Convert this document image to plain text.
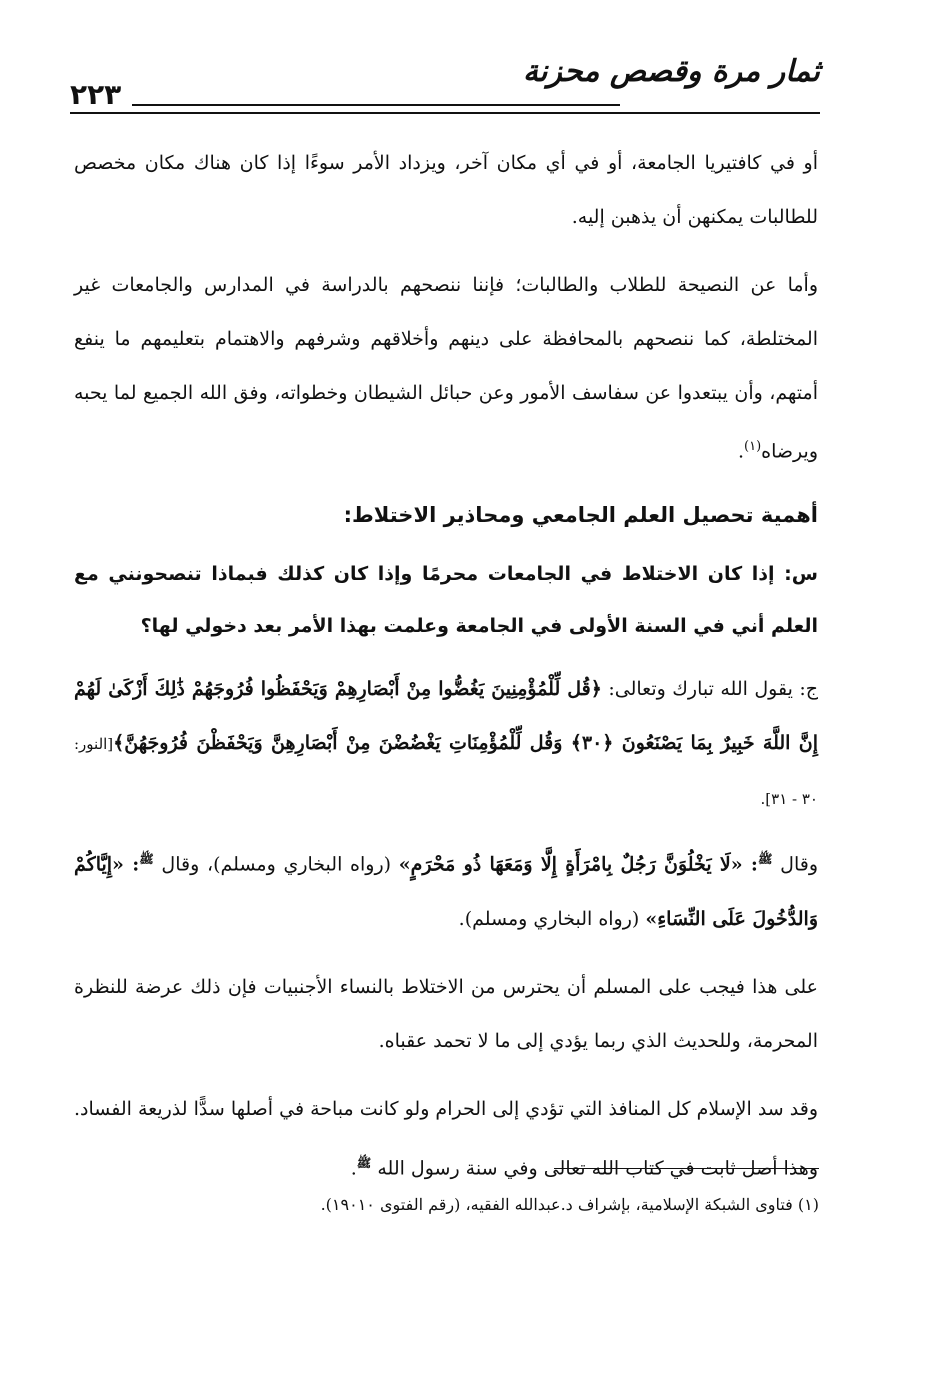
ثمار مرة وقصص محزنة
٢٢٣

أو في كافتيريا الجامعة، أو في أي مكان آخر، ويزداد الأمر سوءًا إذا كان هناك مكان مخصص للطالبات يمكنهن أن يذهبن إليه.

وأما عن النصيحة للطلاب والطالبات؛ فإننا ننصحهم بالدراسة في المدارس والجامعات غير المختلطة، كما ننصحهم بالمحافظة على دينهم وأخلاقهم وشرفهم والاهتمام بتعليمهم ما ينفع أمتهم، وأن يبتعدوا عن سفاسف الأمور وعن حبائل الشيطان وخطواته، وفق الله الجميع لما يحبه ويرضاه$^{(١)}$.

أهمية تحصيل العلم الجامعي ومحاذير الاختلاط:

س: إذا كان الاختلاط في الجامعات محرمًا وإذا كان كذلك فبماذا تنصحونني مع العلم أني في السنة الأولى في الجامعة وعلمت بهذا الأمر بعد دخولي لها؟

ج: يقول الله تبارك وتعالى: ﴿قُل لِّلْمُؤْمِنِينَ يَغُضُّوا مِنْ أَبْصَارِهِمْ وَيَحْفَظُوا فُرُوجَهُمْ ذَٰلِكَ أَزْكَىٰ لَهُمْ إِنَّ اللَّهَ خَبِيرٌ بِمَا يَصْنَعُونَ ﴿٣٠﴾ وَقُل لِّلْمُؤْمِنَاتِ يَغْضُضْنَ مِنْ أَبْصَارِهِنَّ وَيَحْفَظْنَ فُرُوجَهُنَّ﴾[النور: ٣٠ - ٣١].

وقال $^ﷺ$: «لَا يَخْلُوَنَّ رَجُلٌ بِامْرَأَةٍ إِلَّا وَمَعَهَا ذُو مَحْرَمٍ» (رواه البخاري ومسلم)، وقال $^ﷺ$: «إِيَّاكُمْ وَالدُّخُولَ عَلَى النِّسَاءِ» (رواه البخاري ومسلم).

على هذا فيجب على المسلم أن يحترس من الاختلاط بالنساء الأجنبيات فإن ذلك عرضة للنظرة المحرمة، وللحديث الذي ربما يؤدي إلى ما لا تحمد عقباه.

وقد سد الإسلام كل المنافذ التي تؤدي إلى الحرام ولو كانت مباحة في أصلها سدًّا لذريعة الفساد. وهذا أصل ثابت في كتاب الله تعالى وفي سنة رسول الله $^ﷺ$.

(١) فتاوى الشبكة الإسلامية، بإشراف د.عبدالله الفقيه، (رقم الفتوى ١٩٠١٠).
